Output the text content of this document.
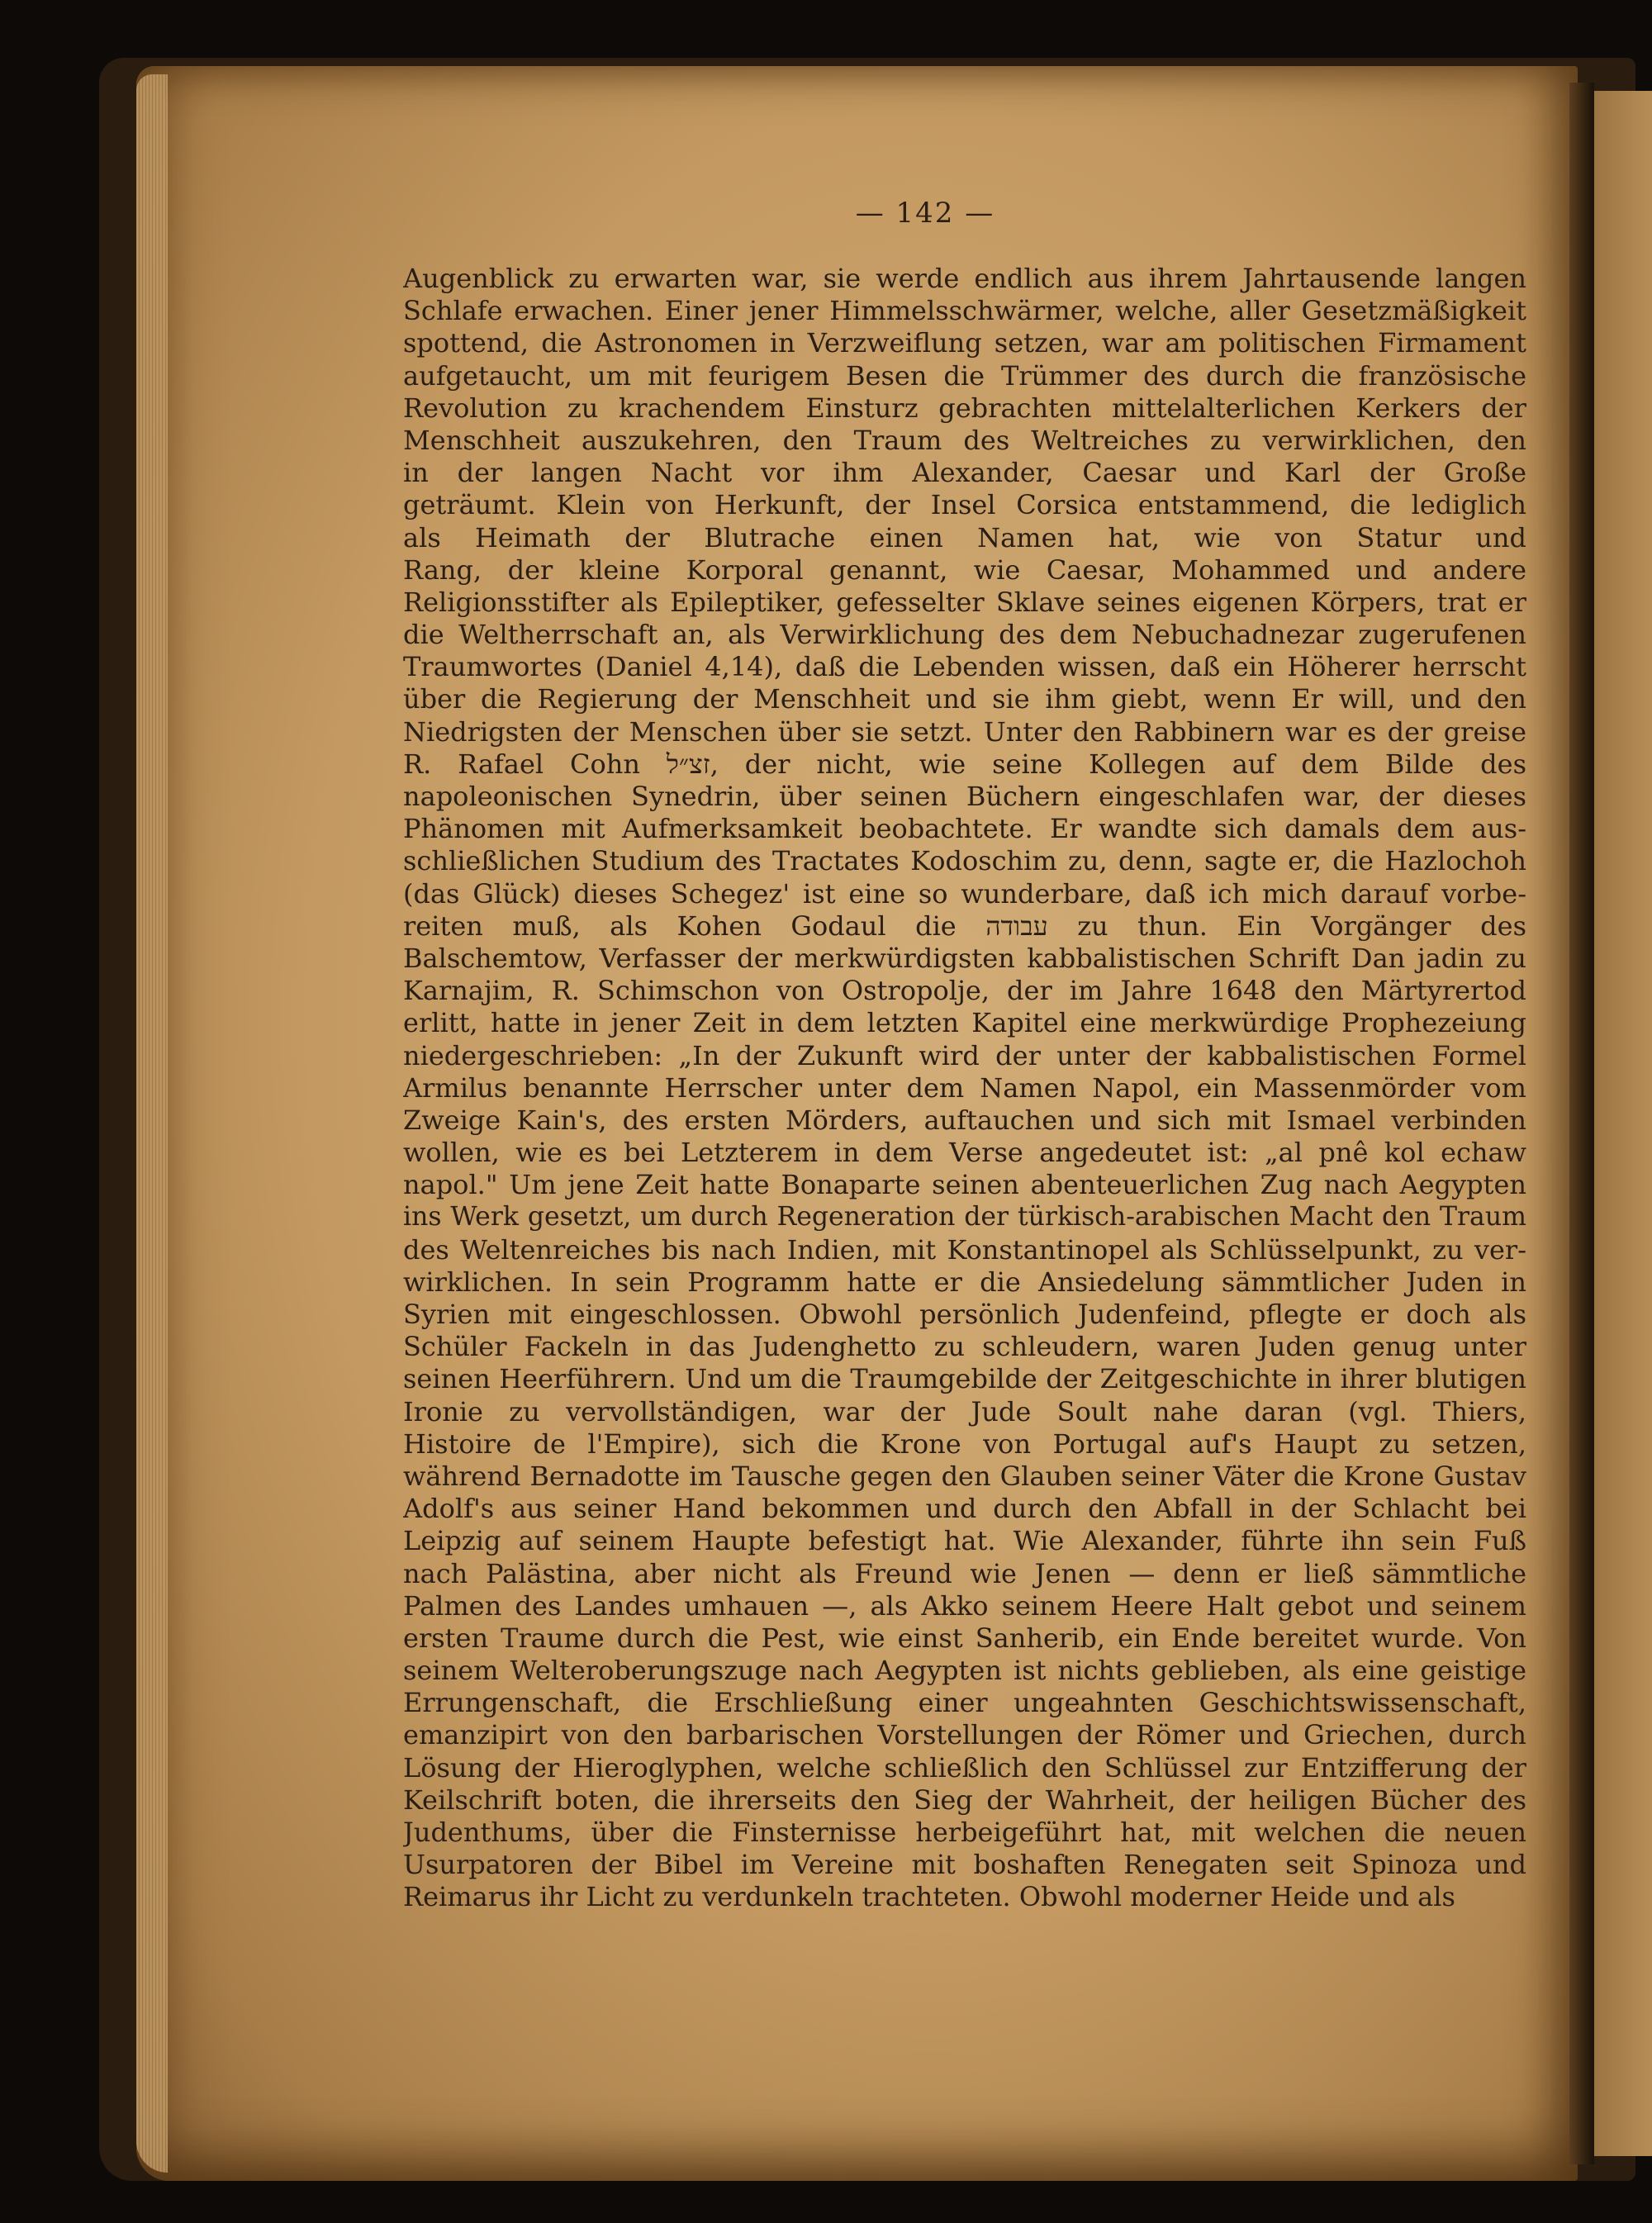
— 142 —
Augenblick zu erwarten war, sie werde endlich aus ihrem Jahrtausende langen
Schlafe erwachen. Einer jener Himmelsschwärmer, welche, aller Gesetzmäßigkeit
spottend, die Astronomen in Verzweiflung setzen, war am politischen Firmament
aufgetaucht, um mit feurigem Besen die Trümmer des durch die französische
Revolution zu krachendem Einsturz gebrachten mittelalterlichen Kerkers der
Menschheit auszukehren, den Traum des Weltreiches zu verwirklichen, den
in der langen Nacht vor ihm Alexander, Caesar und Karl der Große
geträumt. Klein von Herkunft, der Insel Corsica entstammend, die lediglich
als Heimath der Blutrache einen Namen hat, wie von Statur und
Rang, der kleine Korporal genannt, wie Caesar, Mohammed und andere
Religionsstifter als Epileptiker, gefesselter Sklave seines eigenen Körpers, trat er
die Weltherrschaft an, als Verwirklichung des dem Nebuchadnezar zugerufenen
Traumwortes (Daniel 4,14), daß die Lebenden wissen, daß ein Höherer herrscht
über die Regierung der Menschheit und sie ihm giebt, wenn Er will, und den
Niedrigsten der Menschen über sie setzt. Unter den Rabbinern war es der greise
R. Rafael Cohn זצ״ל, der nicht, wie seine Kollegen auf dem Bilde des
napoleonischen Synedrin, über seinen Büchern eingeschlafen war, der dieses
Phänomen mit Aufmerksamkeit beobachtete. Er wandte sich damals dem aus-
schließlichen Studium des Tractates Kodoschim zu, denn, sagte er, die Hazlochoh
(das Glück) dieses Schegez' ist eine so wunderbare, daß ich mich darauf vorbe-
reiten muß, als Kohen Godaul die עבודה zu thun. Ein Vorgänger des
Balschemtow, Verfasser der merkwürdigsten kabbalistischen Schrift Dan jadin zu
Karnajim, R. Schimschon von Ostropolje, der im Jahre 1648 den Märtyrertod
erlitt, hatte in jener Zeit in dem letzten Kapitel eine merkwürdige Prophezeiung
niedergeschrieben: „In der Zukunft wird der unter der kabbalistischen Formel
Armilus benannte Herrscher unter dem Namen Napol, ein Massenmörder vom
Zweige Kain's, des ersten Mörders, auftauchen und sich mit Ismael verbinden
wollen, wie es bei Letzterem in dem Verse angedeutet ist: „al pnê kol echaw
napol." Um jene Zeit hatte Bonaparte seinen abenteuerlichen Zug nach Aegypten
ins Werk gesetzt, um durch Regeneration der türkisch-arabischen Macht den Traum
des Weltenreiches bis nach Indien, mit Konstantinopel als Schlüsselpunkt, zu ver-
wirklichen. In sein Programm hatte er die Ansiedelung sämmtlicher Juden in
Syrien mit eingeschlossen. Obwohl persönlich Judenfeind, pflegte er doch als
Schüler Fackeln in das Judenghetto zu schleudern, waren Juden genug unter
seinen Heerführern. Und um die Traumgebilde der Zeitgeschichte in ihrer blutigen
Ironie zu vervollständigen, war der Jude Soult nahe daran (vgl. Thiers,
Histoire de l'Empire), sich die Krone von Portugal auf's Haupt zu setzen,
während Bernadotte im Tausche gegen den Glauben seiner Väter die Krone Gustav
Adolf's aus seiner Hand bekommen und durch den Abfall in der Schlacht bei
Leipzig auf seinem Haupte befestigt hat. Wie Alexander, führte ihn sein Fuß
nach Palästina, aber nicht als Freund wie Jenen — denn er ließ sämmtliche
Palmen des Landes umhauen —, als Akko seinem Heere Halt gebot und seinem
ersten Traume durch die Pest, wie einst Sanherib, ein Ende bereitet wurde. Von
seinem Welteroberungszuge nach Aegypten ist nichts geblieben, als eine geistige
Errungenschaft, die Erschließung einer ungeahnten Geschichtswissenschaft,
emanzipirt von den barbarischen Vorstellungen der Römer und Griechen, durch
Lösung der Hieroglyphen, welche schließlich den Schlüssel zur Entzifferung der
Keilschrift boten, die ihrerseits den Sieg der Wahrheit, der heiligen Bücher des
Judenthums, über die Finsternisse herbeigeführt hat, mit welchen die neuen
Usurpatoren der Bibel im Vereine mit boshaften Renegaten seit Spinoza und
Reimarus ihr Licht zu verdunkeln trachteten. Obwohl moderner Heide und als
